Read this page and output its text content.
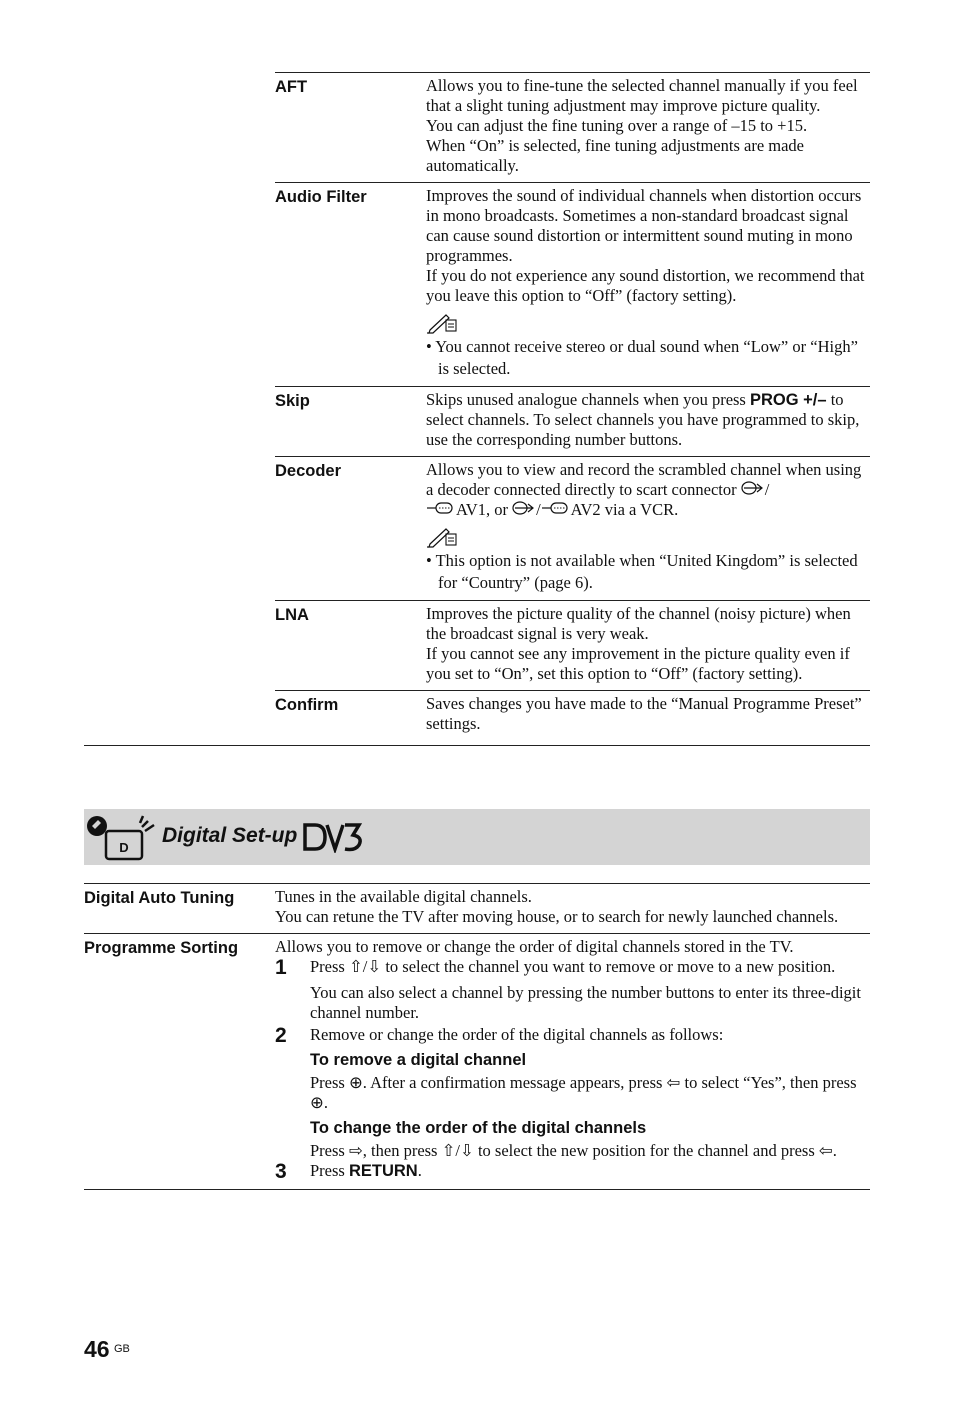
AFT	Allows you to fine-tune the selected channel manually if you feel that a slight tuning adjustment may improve picture quality.

You can adjust the fine tuning over a range of –15 to +15.

When “On” is selected, fine tuning adjustments are made automatically.

Audio Filter	Improves the sound of individual channels when distortion occurs in mono broadcasts. Sometimes a non-standard broadcast signal can cause sound distortion or intermittent sound muting in mono programmes.

If you do not experience any sound distortion, we recommend that you leave this option to “Off” (factory setting).

• You cannot receive stereo or dual sound when “Low” or “High” is selected.

Skip	Skips unused analogue channels when you press PROG +/– to select channels. To select channels you have programmed to skip, use the corresponding number buttons.

Decoder	Allows you to view and record the scrambled channel when using a decoder connected directly to scart connector /
AV1, or / AV2 via a VCR.

• This option is not available when “United Kingdom” is selected for “Country” (page 6).

LNA	Improves the picture quality of the channel (noisy picture) when the broadcast signal is very weak.

If you cannot see any improvement in the picture quality even if you set to “On”, set this option to “Off” (factory setting).

Confirm	Saves changes you have made to the “Manual Programme Preset” settings.

D
Digital Set-up
Digital Auto Tuning	Tunes in the available digital channels.

You can retune the TV after moving house, or to search for newly launched channels.

Programme Sorting	Allows you to remove or change the order of digital channels stored in the TV.

1	Press ⇧/⇩ to select the channel you want to remove or move to a new position.

You can also select a channel by pressing the number buttons to enter its three-digit channel number.

2	Remove or change the order of the digital channels as follows:

To remove a digital channel

Press ⊕. After a confirmation message appears, press ⇦ to select “Yes”, then press ⊕.

To change the order of the digital channels

Press ⇨, then press ⇧/⇩ to select the new position for the channel and press ⇦.

3	Press RETURN.

46 GB
